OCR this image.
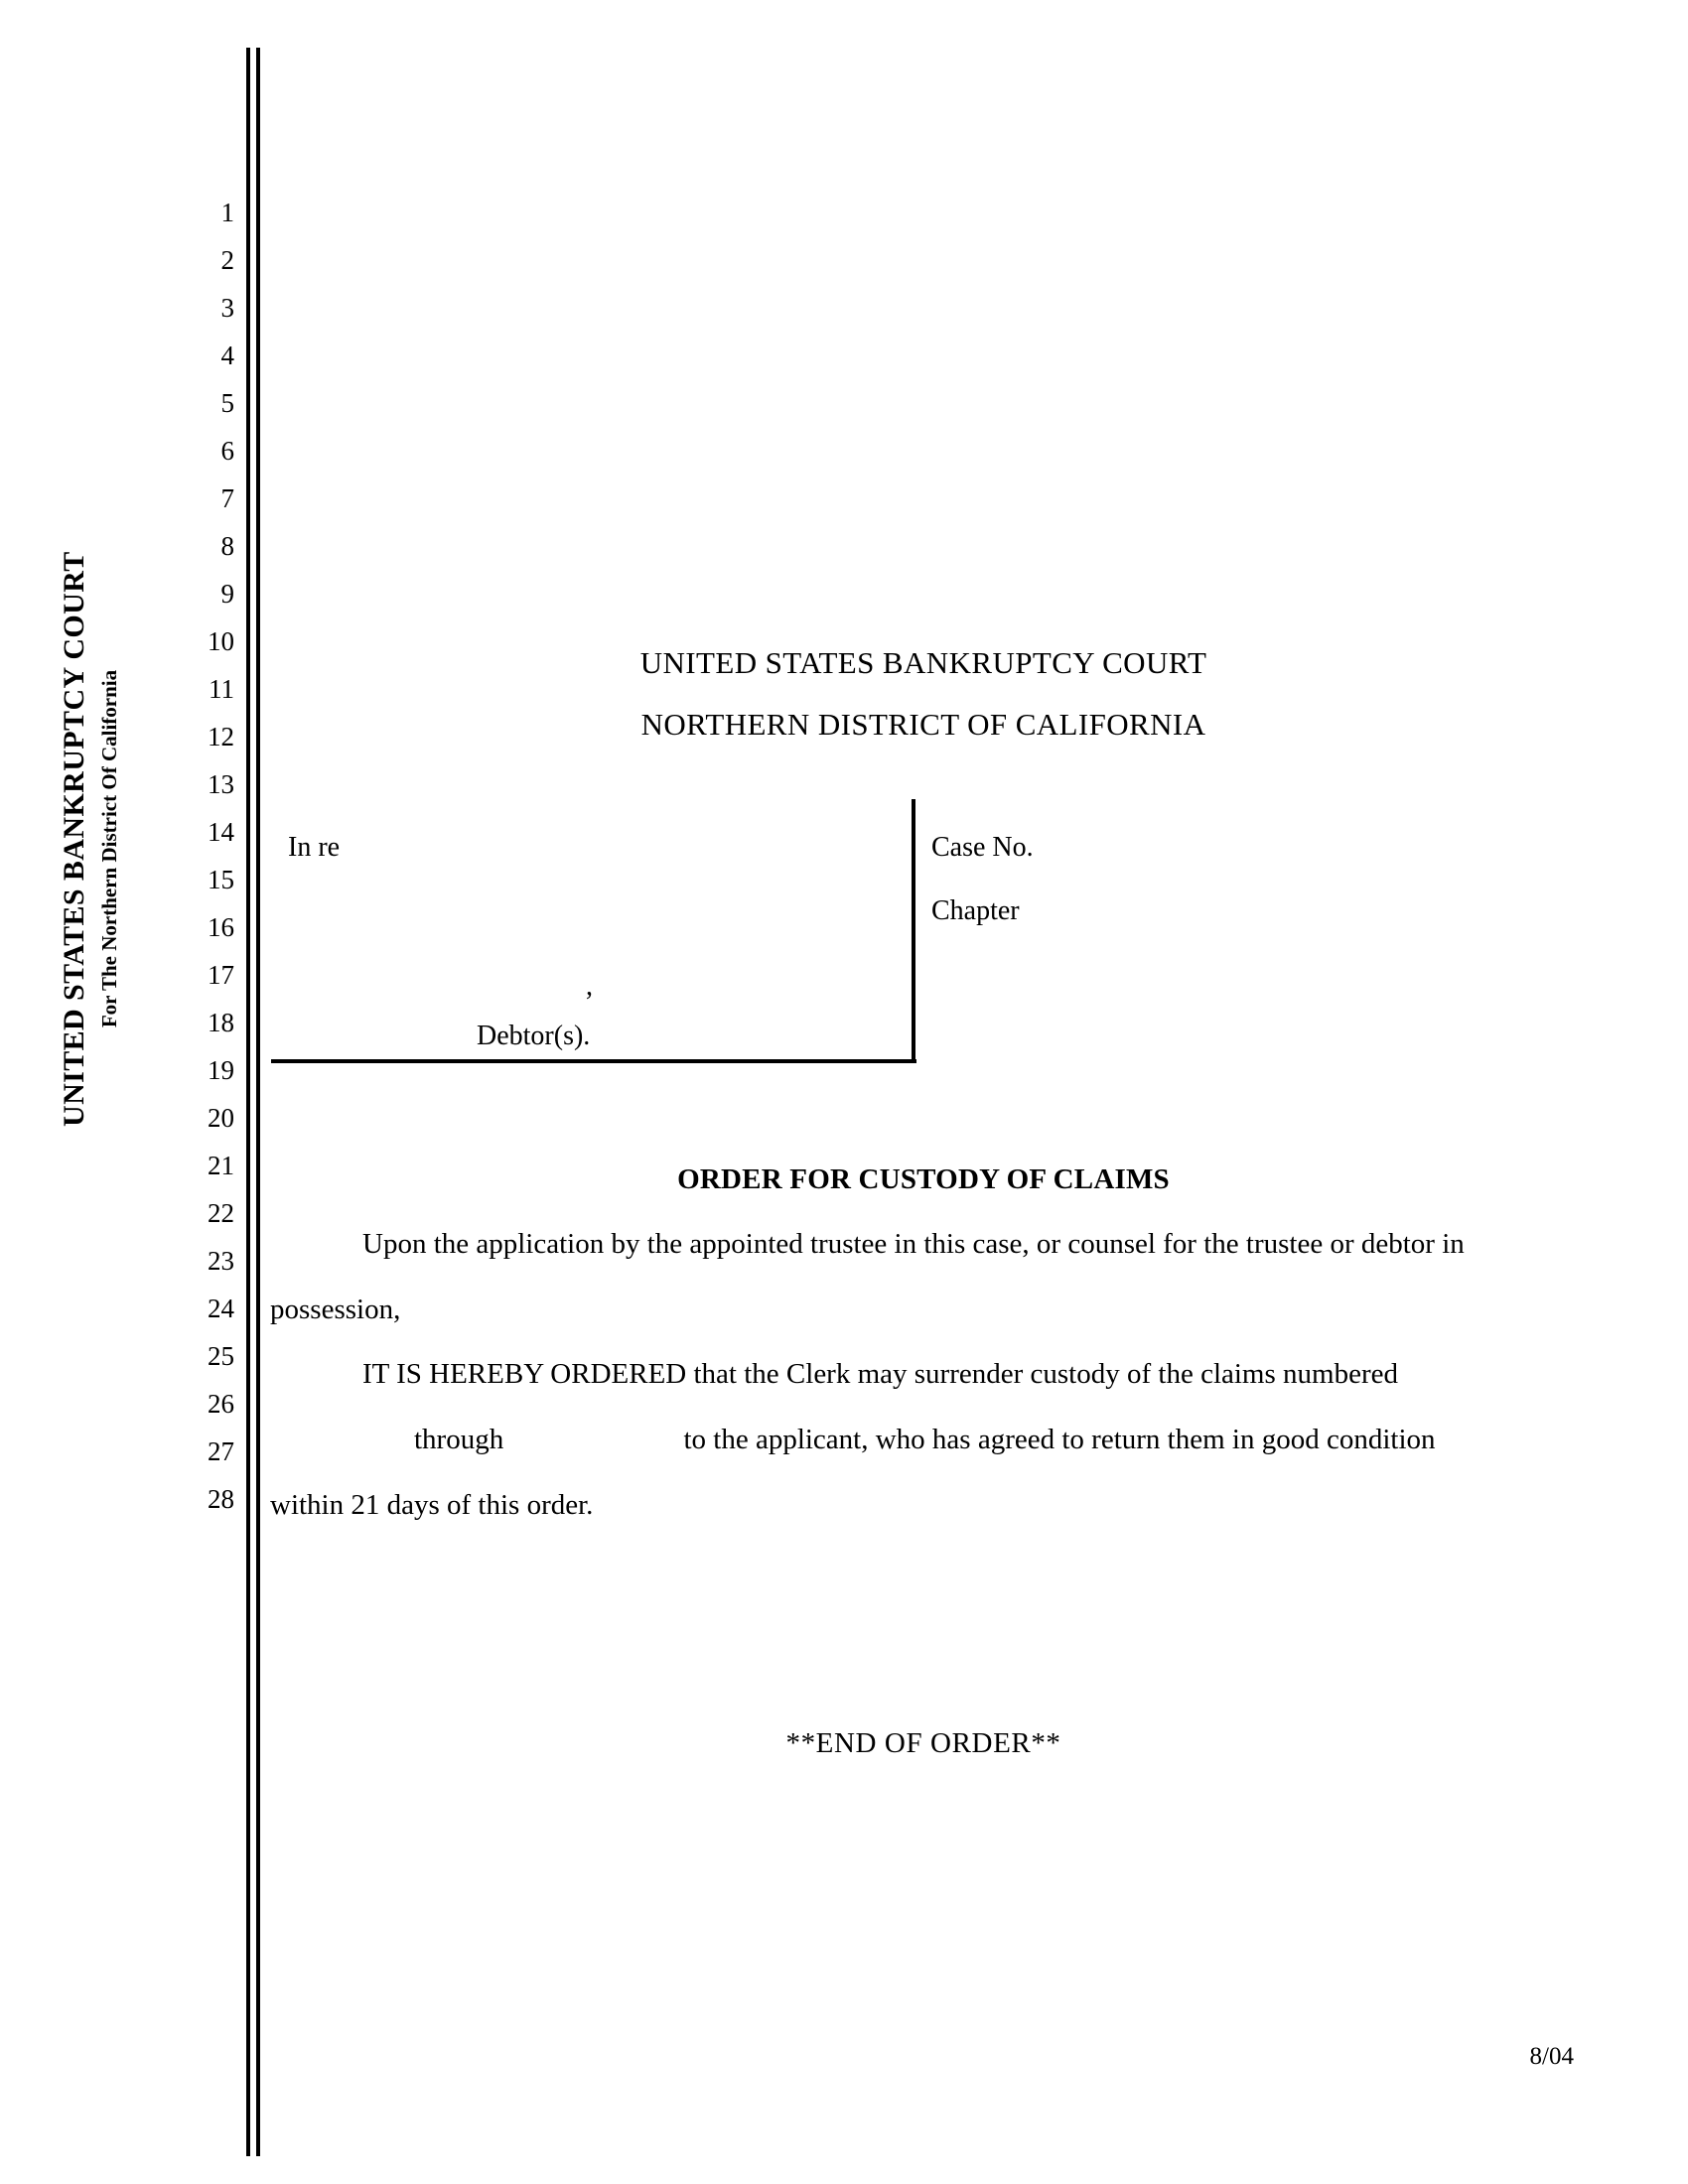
1
2
3
4
5
6
7
8
9
10
11
12
13
14
15
16
17
18
19
20
21
22
23
24
25
26
27
28
UNITED STATES BANKRUPTCY COURT For The Northern District Of California
UNITED STATES BANKRUPTCY COURT
NORTHERN DISTRICT OF CALIFORNIA
In re
,
Debtor(s).
Case No.
Chapter
ORDER FOR CUSTODY OF CLAIMS
Upon the application by the appointed trustee in this case, or counsel for the trustee or debtor in
possession,
IT IS HEREBY ORDERED that the Clerk may surrender custody of the claims numbered
through                         to the applicant, who has agreed to return them in good condition
within 21 days of this order.
**END OF ORDER**
8/04
